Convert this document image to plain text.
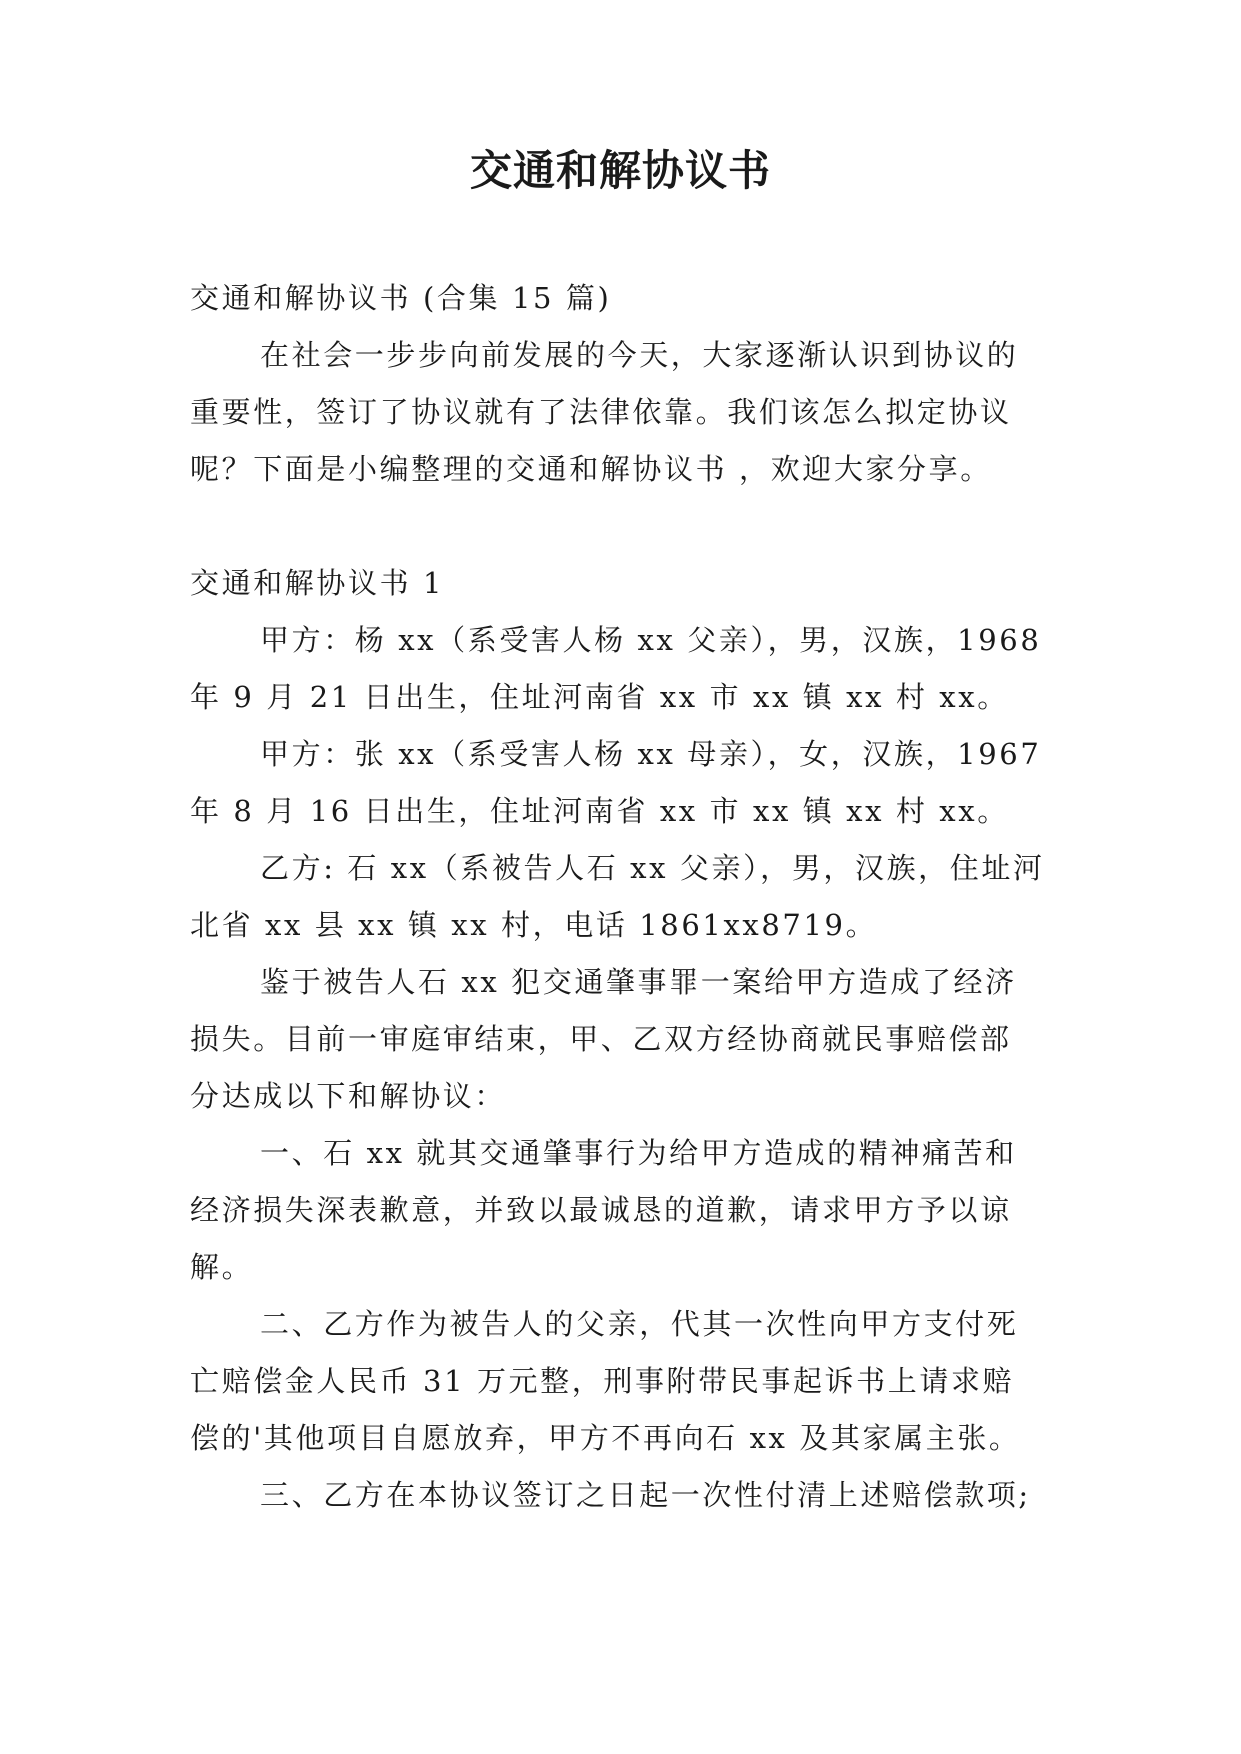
交通和解协议书
交通和解协议书 (合集 15 篇)
在社会一步步向前发展的今天，大家逐渐认识到协议的
重要性，签订了协议就有了法律依靠。我们该怎么拟定协议
呢？下面是小编整理的交通和解协议书 ，欢迎大家分享。
交通和解协议书 1
甲方：杨 xx（系受害人杨 xx 父亲），男，汉族，1968
年 9 月 21 日出生，住址河南省 xx 市 xx 镇 xx 村 xx。
甲方：张 xx（系受害人杨 xx 母亲），女，汉族，1967
年 8 月 16 日出生，住址河南省 xx 市 xx 镇 xx 村 xx。
乙方: 石 xx（系被告人石 xx 父亲），男，汉族，住址河
北省 xx 县 xx 镇 xx 村，电话 1861xx8719。
鉴于被告人石 xx 犯交通肇事罪一案给甲方造成了经济
损失。目前一审庭审结束，甲、乙双方经协商就民事赔偿部
分达成以下和解协议：
一、石 xx 就其交通肇事行为给甲方造成的精神痛苦和
经济损失深表歉意，并致以最诚恳的道歉，请求甲方予以谅
解。
二、乙方作为被告人的父亲，代其一次性向甲方支付死
亡赔偿金人民币 31 万元整，刑事附带民事起诉书上请求赔
偿的'其他项目自愿放弃，甲方不再向石 xx 及其家属主张。
三、乙方在本协议签订之日起一次性付清上述赔偿款项;
